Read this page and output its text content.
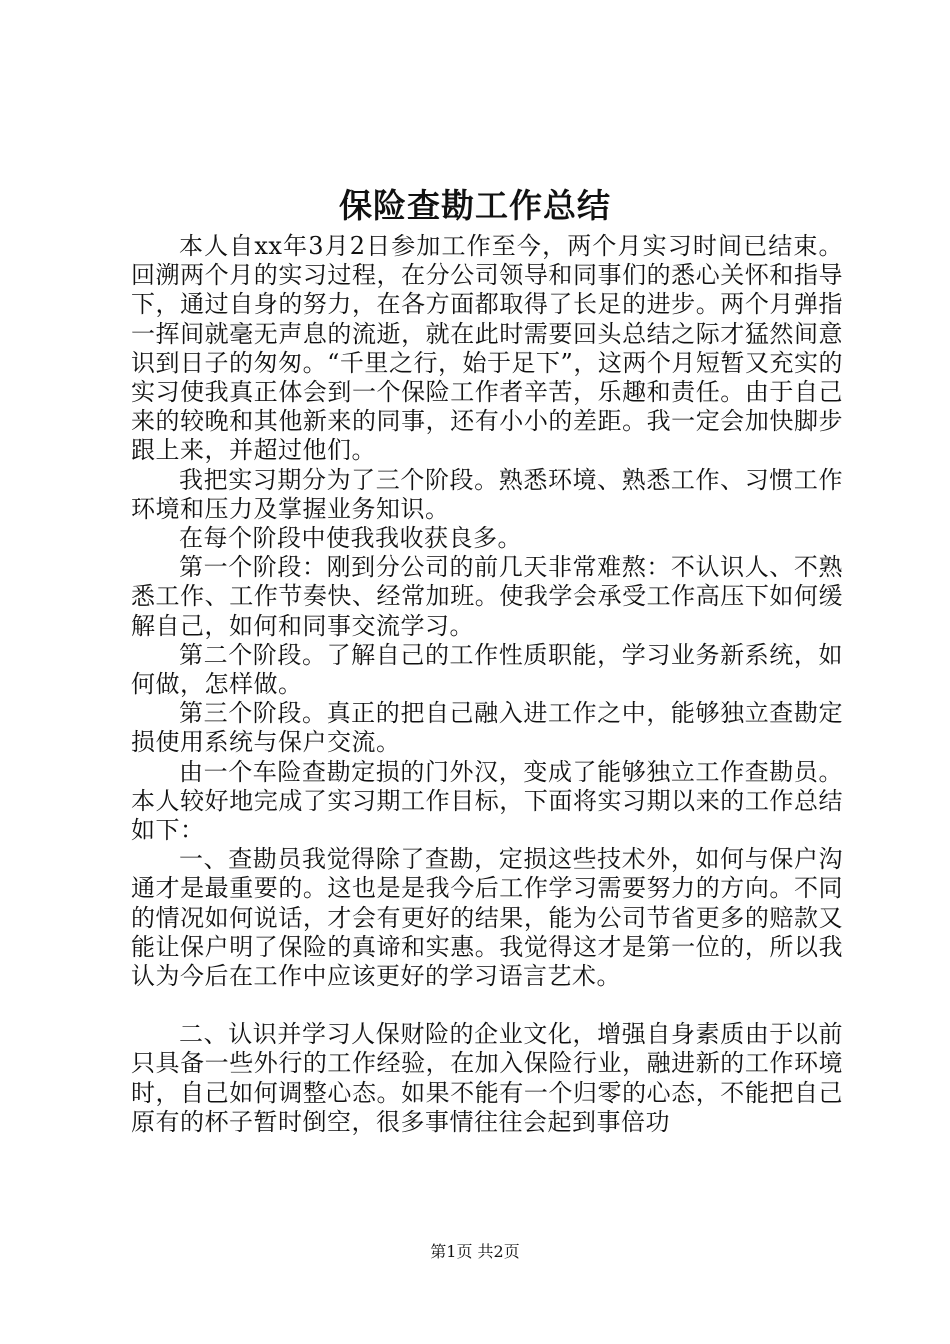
保险查勘工作总结

本人自xx年3月2日参加工作至今，两个月实习时间已结束。回溯两个月的实习过程，在分公司领导和同事们的悉心关怀和指导下，通过自身的努力，在各方面都取得了长足的进步。两个月弹指一挥间就毫无声息的流逝，就在此时需要回头总结之际才猛然间意识到日子的匆匆。“千里之行，始于足下”，这两个月短暂又充实的实习使我真正体会到一个保险工作者辛苦，乐趣和责任。由于自己来的较晚和其他新来的同事，还有小小的差距。我一定会加快脚步跟上来，并超过他们。

我把实习期分为了三个阶段。熟悉环境、熟悉工作、习惯工作环境和压力及掌握业务知识。

在每个阶段中使我我收获良多。

第一个阶段：刚到分公司的前几天非常难熬：不认识人、不熟悉工作、工作节奏快、经常加班。使我学会承受工作高压下如何缓解自己，如何和同事交流学习。

第二个阶段。了解自己的工作性质职能，学习业务新系统，如何做，怎样做。

第三个阶段。真正的把自己融入进工作之中，能够独立查勘定损使用系统与保户交流。

由一个车险查勘定损的门外汉，变成了能够独立工作查勘员。本人较好地完成了实习期工作目标，下面将实习期以来的工作总结如下：

一、查勘员我觉得除了查勘，定损这些技术外，如何与保户沟通才是最重要的。这也是是我今后工作学习需要努力的方向。不同的情况如何说话，才会有更好的结果，能为公司节省更多的赔款又能让保户明了保险的真谛和实惠。我觉得这才是第一位的，所以我认为今后在工作中应该更好的学习语言艺术。

二、认识并学习人保财险的企业文化，增强自身素质由于以前只具备一些外行的工作经验，在加入保险行业，融进新的工作环境时，自己如何调整心态。如果不能有一个归零的心态，不能把自己原有的杯子暂时倒空，很多事情往往会起到事倍功

第1页 共2页
